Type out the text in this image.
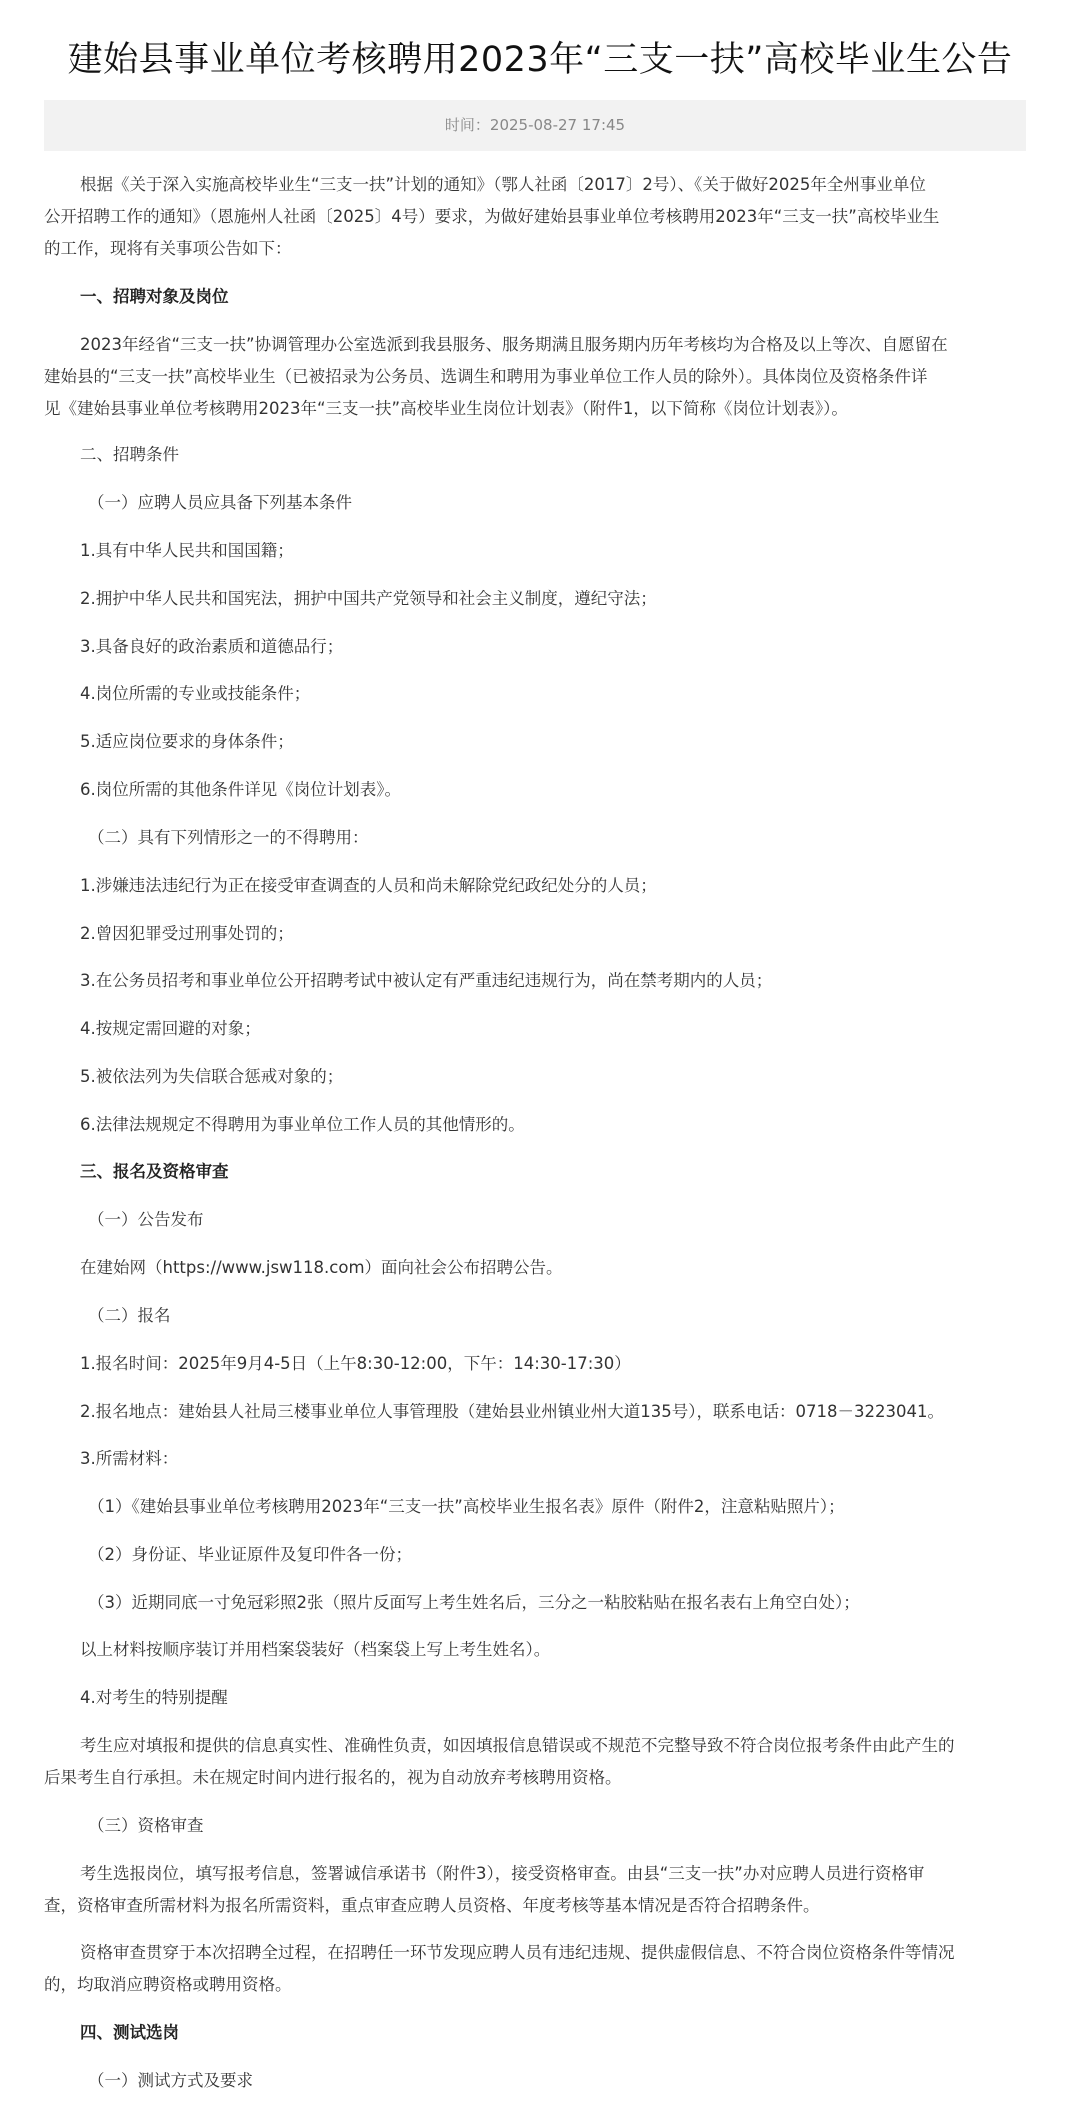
建始县事业单位考核聘用2023年“三支一扶”高校毕业生公告
时间：2025-08-27 17:45
根据《关于深入实施高校毕业生“三支一扶”计划的通知》（鄂人社函〔2017〕2号）、《关于做好2025年全州事业单位
公开招聘工作的通知》（恩施州人社函〔2025〕4号）要求，为做好建始县事业单位考核聘用2023年“三支一扶”高校毕业生
的工作，现将有关事项公告如下：
一、招聘对象及岗位
2023年经省“三支一扶”协调管理办公室选派到我县服务、服务期满且服务期内历年考核均为合格及以上等次、自愿留在
建始县的“三支一扶”高校毕业生（已被招录为公务员、选调生和聘用为事业单位工作人员的除外）。具体岗位及资格条件详
见《建始县事业单位考核聘用2023年“三支一扶”高校毕业生岗位计划表》（附件1，以下简称《岗位计划表》）。
二、招聘条件
（一）应聘人员应具备下列基本条件
1.具有中华人民共和国国籍；
2.拥护中华人民共和国宪法，拥护中国共产党领导和社会主义制度，遵纪守法；
3.具备良好的政治素质和道德品行；
4.岗位所需的专业或技能条件；
5.适应岗位要求的身体条件；
6.岗位所需的其他条件详见《岗位计划表》。
（二）具有下列情形之一的不得聘用：
1.涉嫌违法违纪行为正在接受审查调查的人员和尚未解除党纪政纪处分的人员；
2.曾因犯罪受过刑事处罚的；
3.在公务员招考和事业单位公开招聘考试中被认定有严重违纪违规行为，尚在禁考期内的人员；
4.按规定需回避的对象；
5.被依法列为失信联合惩戒对象的；
6.法律法规规定不得聘用为事业单位工作人员的其他情形的。
三、报名及资格审查
（一）公告发布
在建始网（https://www.jsw118.com）面向社会公布招聘公告。
（二）报名
1.报名时间：2025年9月4-5日（上午8:30-12:00，下午：14:30-17:30）
2.报名地点：建始县人社局三楼事业单位人事管理股（建始县业州镇业州大道135号），联系电话：0718－3223041。
3.所需材料：
（1）《建始县事业单位考核聘用2023年“三支一扶”高校毕业生报名表》原件（附件2，注意粘贴照片）；
（2）身份证、毕业证原件及复印件各一份；
（3）近期同底一寸免冠彩照2张（照片反面写上考生姓名后，三分之一粘胶粘贴在报名表右上角空白处）；
以上材料按顺序装订并用档案袋装好（档案袋上写上考生姓名）。
4.对考生的特别提醒
考生应对填报和提供的信息真实性、准确性负责，如因填报信息错误或不规范不完整导致不符合岗位报考条件由此产生的
后果考生自行承担。未在规定时间内进行报名的，视为自动放弃考核聘用资格。
（三）资格审查
考生选报岗位，填写报考信息，签署诚信承诺书（附件3），接受资格审查。由县“三支一扶”办对应聘人员进行资格审
查，资格审查所需材料为报名所需资料，重点审查应聘人员资格、年度考核等基本情况是否符合招聘条件。
资格审查贯穿于本次招聘全过程，在招聘任一环节发现应聘人员有违纪违规、提供虚假信息、不符合岗位资格条件等情况
的，均取消应聘资格或聘用资格。
四、测试选岗
（一）测试方式及要求
